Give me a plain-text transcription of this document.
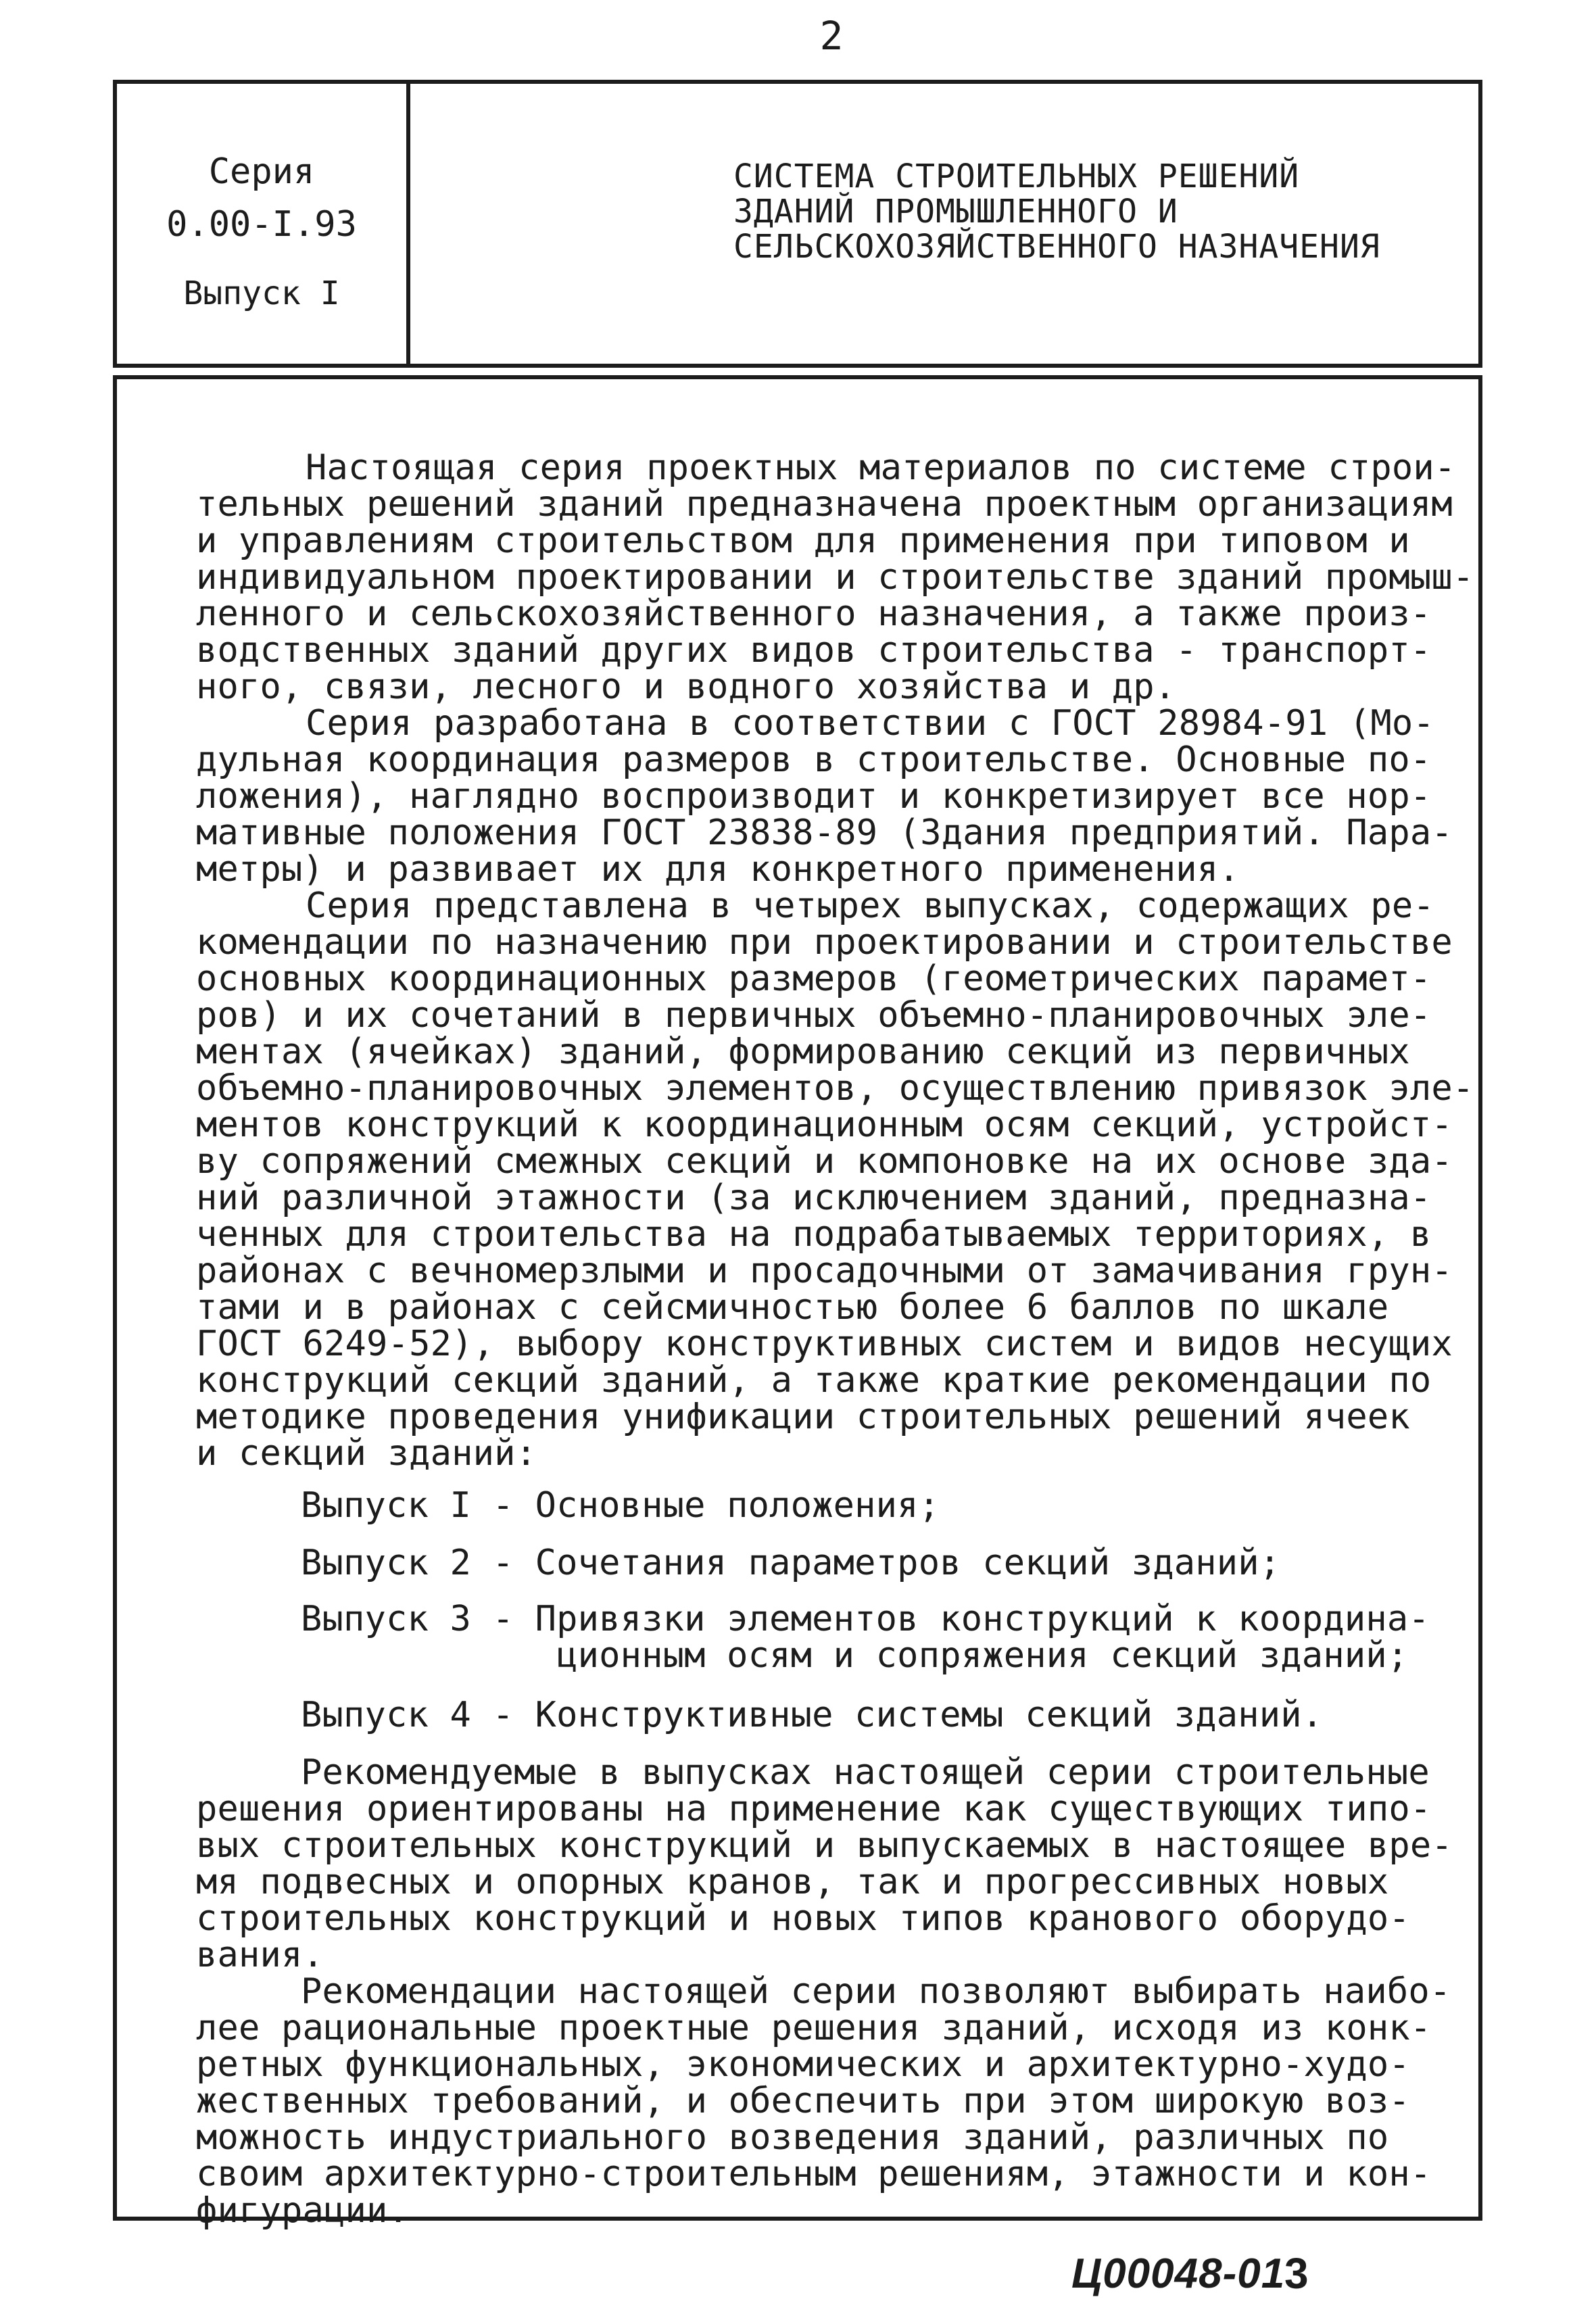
2
Серия
0.00-I.93
Выпуск I
СИСТЕМА СТРОИТЕЛЬНЫХ РЕШЕНИЙ
ЗДАНИЙ ПРОМЫШЛЕННОГО И
СЕЛЬСКОХОЗЯЙСТВЕННОГО НАЗНАЧЕНИЯ
Настоящая серия проектных материалов по системе строи-
тельных решений зданий предназначена проектным организациям
и управлениям строительством для применения при типовом и
индивидуальном проектировании и строительстве зданий промыш-
ленного и сельскохозяйственного назначения, а также произ-
водственных зданий других видов строительства - транспорт-
ного, связи, лесного и водного хозяйства и др.
Серия разработана в соответствии с ГОСТ 28984-91 (Мо-
дульная координация размеров в строительстве. Основные по-
ложения), наглядно воспроизводит и конкретизирует все нор-
мативные положения ГОСТ 23838-89 (Здания предприятий. Пара-
метры) и развивает их для конкретного применения.
Серия представлена в четырех выпусках, содержащих ре-
комендации по назначению при проектировании и строительстве
основных координационных размеров (геометрических парамет-
ров) и их сочетаний в первичных объемно-планировочных эле-
ментах (ячейках) зданий, формированию секций из первичных
объемно-планировочных элементов, осуществлению привязок эле-
ментов конструкций к координационным осям секций, устройст-
ву сопряжений смежных секций и компоновке на их основе зда-
ний различной этажности (за исключением зданий, предназна-
ченных для строительства на подрабатываемых территориях, в
районах с вечномерзлыми и просадочными от замачивания грун-
тами и в районах с сейсмичностью более 6 баллов по шкале
ГОСТ 6249-52), выбору конструктивных систем и видов несущих
конструкций секций зданий, а также краткие рекомендации по
методике проведения унификации строительных решений ячеек
и секций зданий:
Выпуск I - Основные положения;
Выпуск 2 - Сочетания параметров секций зданий;
Выпуск 3 - Привязки элементов конструкций к координа-
ционным осям и сопряжения секций зданий;
Выпуск 4 - Конструктивные системы секций зданий.
Рекомендуемые в выпусках настоящей серии строительные
решения ориентированы на применение как существующих типо-
вых строительных конструкций и выпускаемых в настоящее вре-
мя подвесных и опорных кранов, так и прогрессивных новых
строительных конструкций и новых типов кранового оборудо-
вания.
Рекомендации настоящей серии позволяют выбирать наибо-
лее рациональные проектные решения зданий, исходя из конк-
ретных функциональных, экономических и архитектурно-худо-
жественных требований, и обеспечить при этом широкую воз-
можность индустриального возведения зданий, различных по
своим архитектурно-строительным решениям, этажности и кон-
фигурации.
Ц00048-01
3
